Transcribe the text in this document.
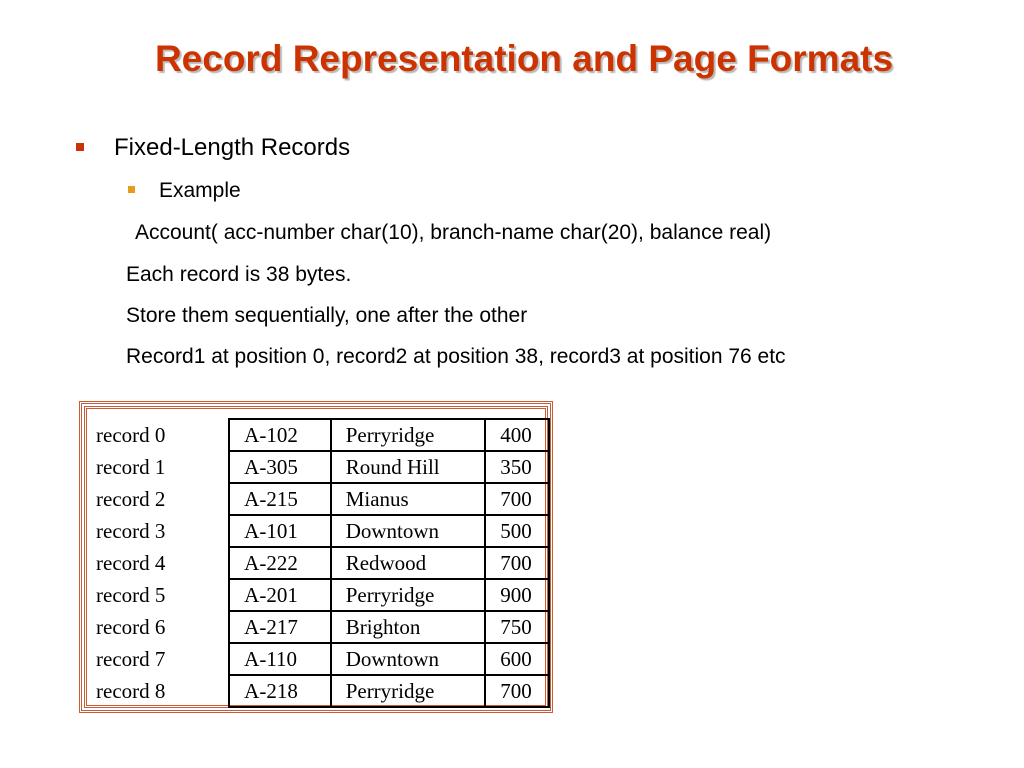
Record Representation and Page Formats
Fixed-Length Records
Example
Account( acc-number char(10), branch-name char(20), balance real)
Each record is 38 bytes.
Store them sequentially, one after the other
Record1 at position 0, record2 at position 38, record3 at position 76 etc
record 0	A-102	Perryridge	400
record 1	A-305	Round Hill	350
record 2	A-215	Mianus	700
record 3	A-101	Downtown	500
record 4	A-222	Redwood	700
record 5	A-201	Perryridge	900
record 6	A-217	Brighton	750
record 7	A-110	Downtown	600
record 8	A-218	Perryridge	700
